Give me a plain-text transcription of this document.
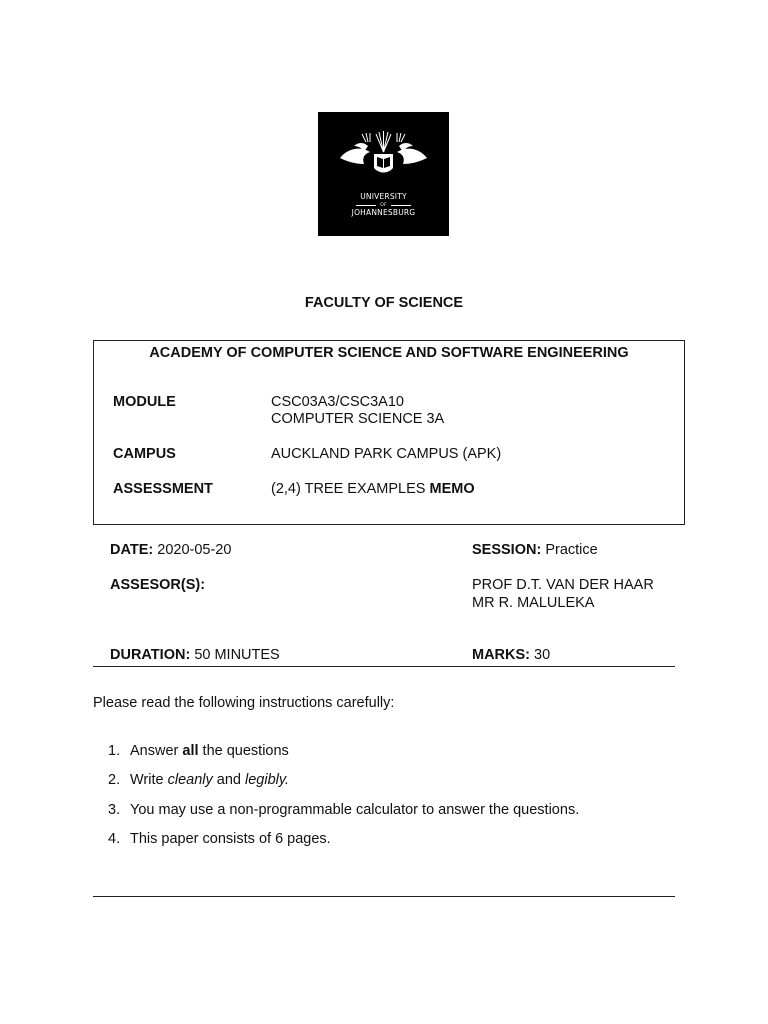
UNIVERSITY
OF
JOHANNESBURG
FACULTY OF SCIENCE
ACADEMY OF COMPUTER SCIENCE AND SOFTWARE ENGINEERING
MODULE	CSC03A3/CSC3A10
COMPUTER SCIENCE 3A
CAMPUS	AUCKLAND PARK CAMPUS (APK)
ASSESSMENT	(2,4) TREE EXAMPLES MEMO
DATE: 2020-05-20	SESSION: Practice
ASSESOR(S):	PROF D.T. VAN DER HAAR
MR R. MALULEKA
DURATION: 50 MINUTES	MARKS: 30
Please read the following instructions carefully:
1. Answer all the questions
2. Write cleanly and legibly.
3. You may use a non-programmable calculator to answer the questions.
4. This paper consists of 6 pages.
